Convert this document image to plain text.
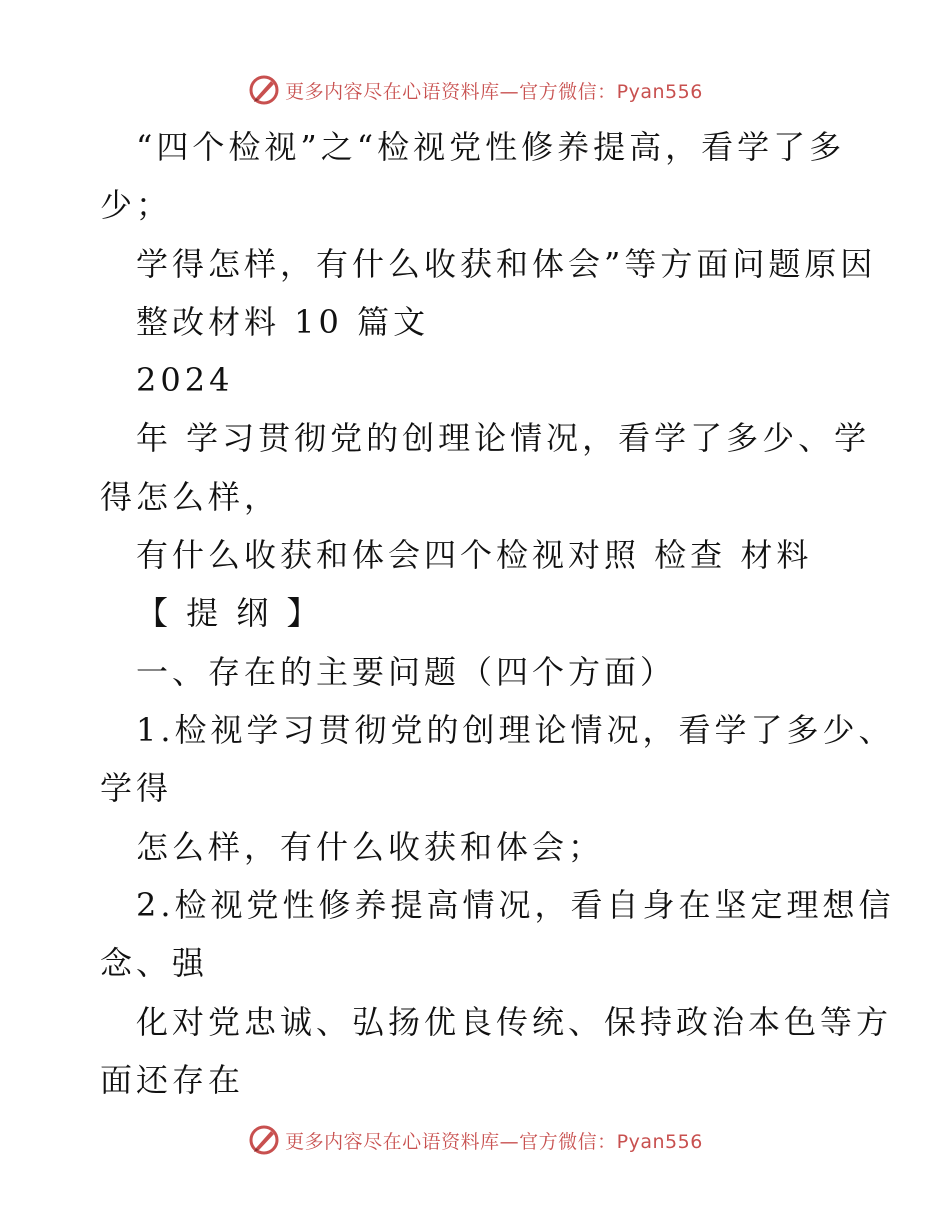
更多内容尽在心语资料库—官方微信：Pyan556
“四个检视”之“检视党性修养提高，看学了多
少；
学得怎样，有什么收获和体会”等方面问题原因
整改材料 10 篇文
2024
年 学习贯彻党的创理论情况，看学了多少、学
得怎么样，
有什么收获和体会四个检视对照 检查 材料
【 提 纲 】
一、存在的主要问题（四个方面）
1.检视学习贯彻党的创理论情况，看学了多少、
学得
怎么样，有什么收获和体会；
2.检视党性修养提高情况，看自身在坚定理想信
念、强
化对党忠诚、弘扬优良传统、保持政治本色等方
面还存在
更多内容尽在心语资料库—官方微信：Pyan556
